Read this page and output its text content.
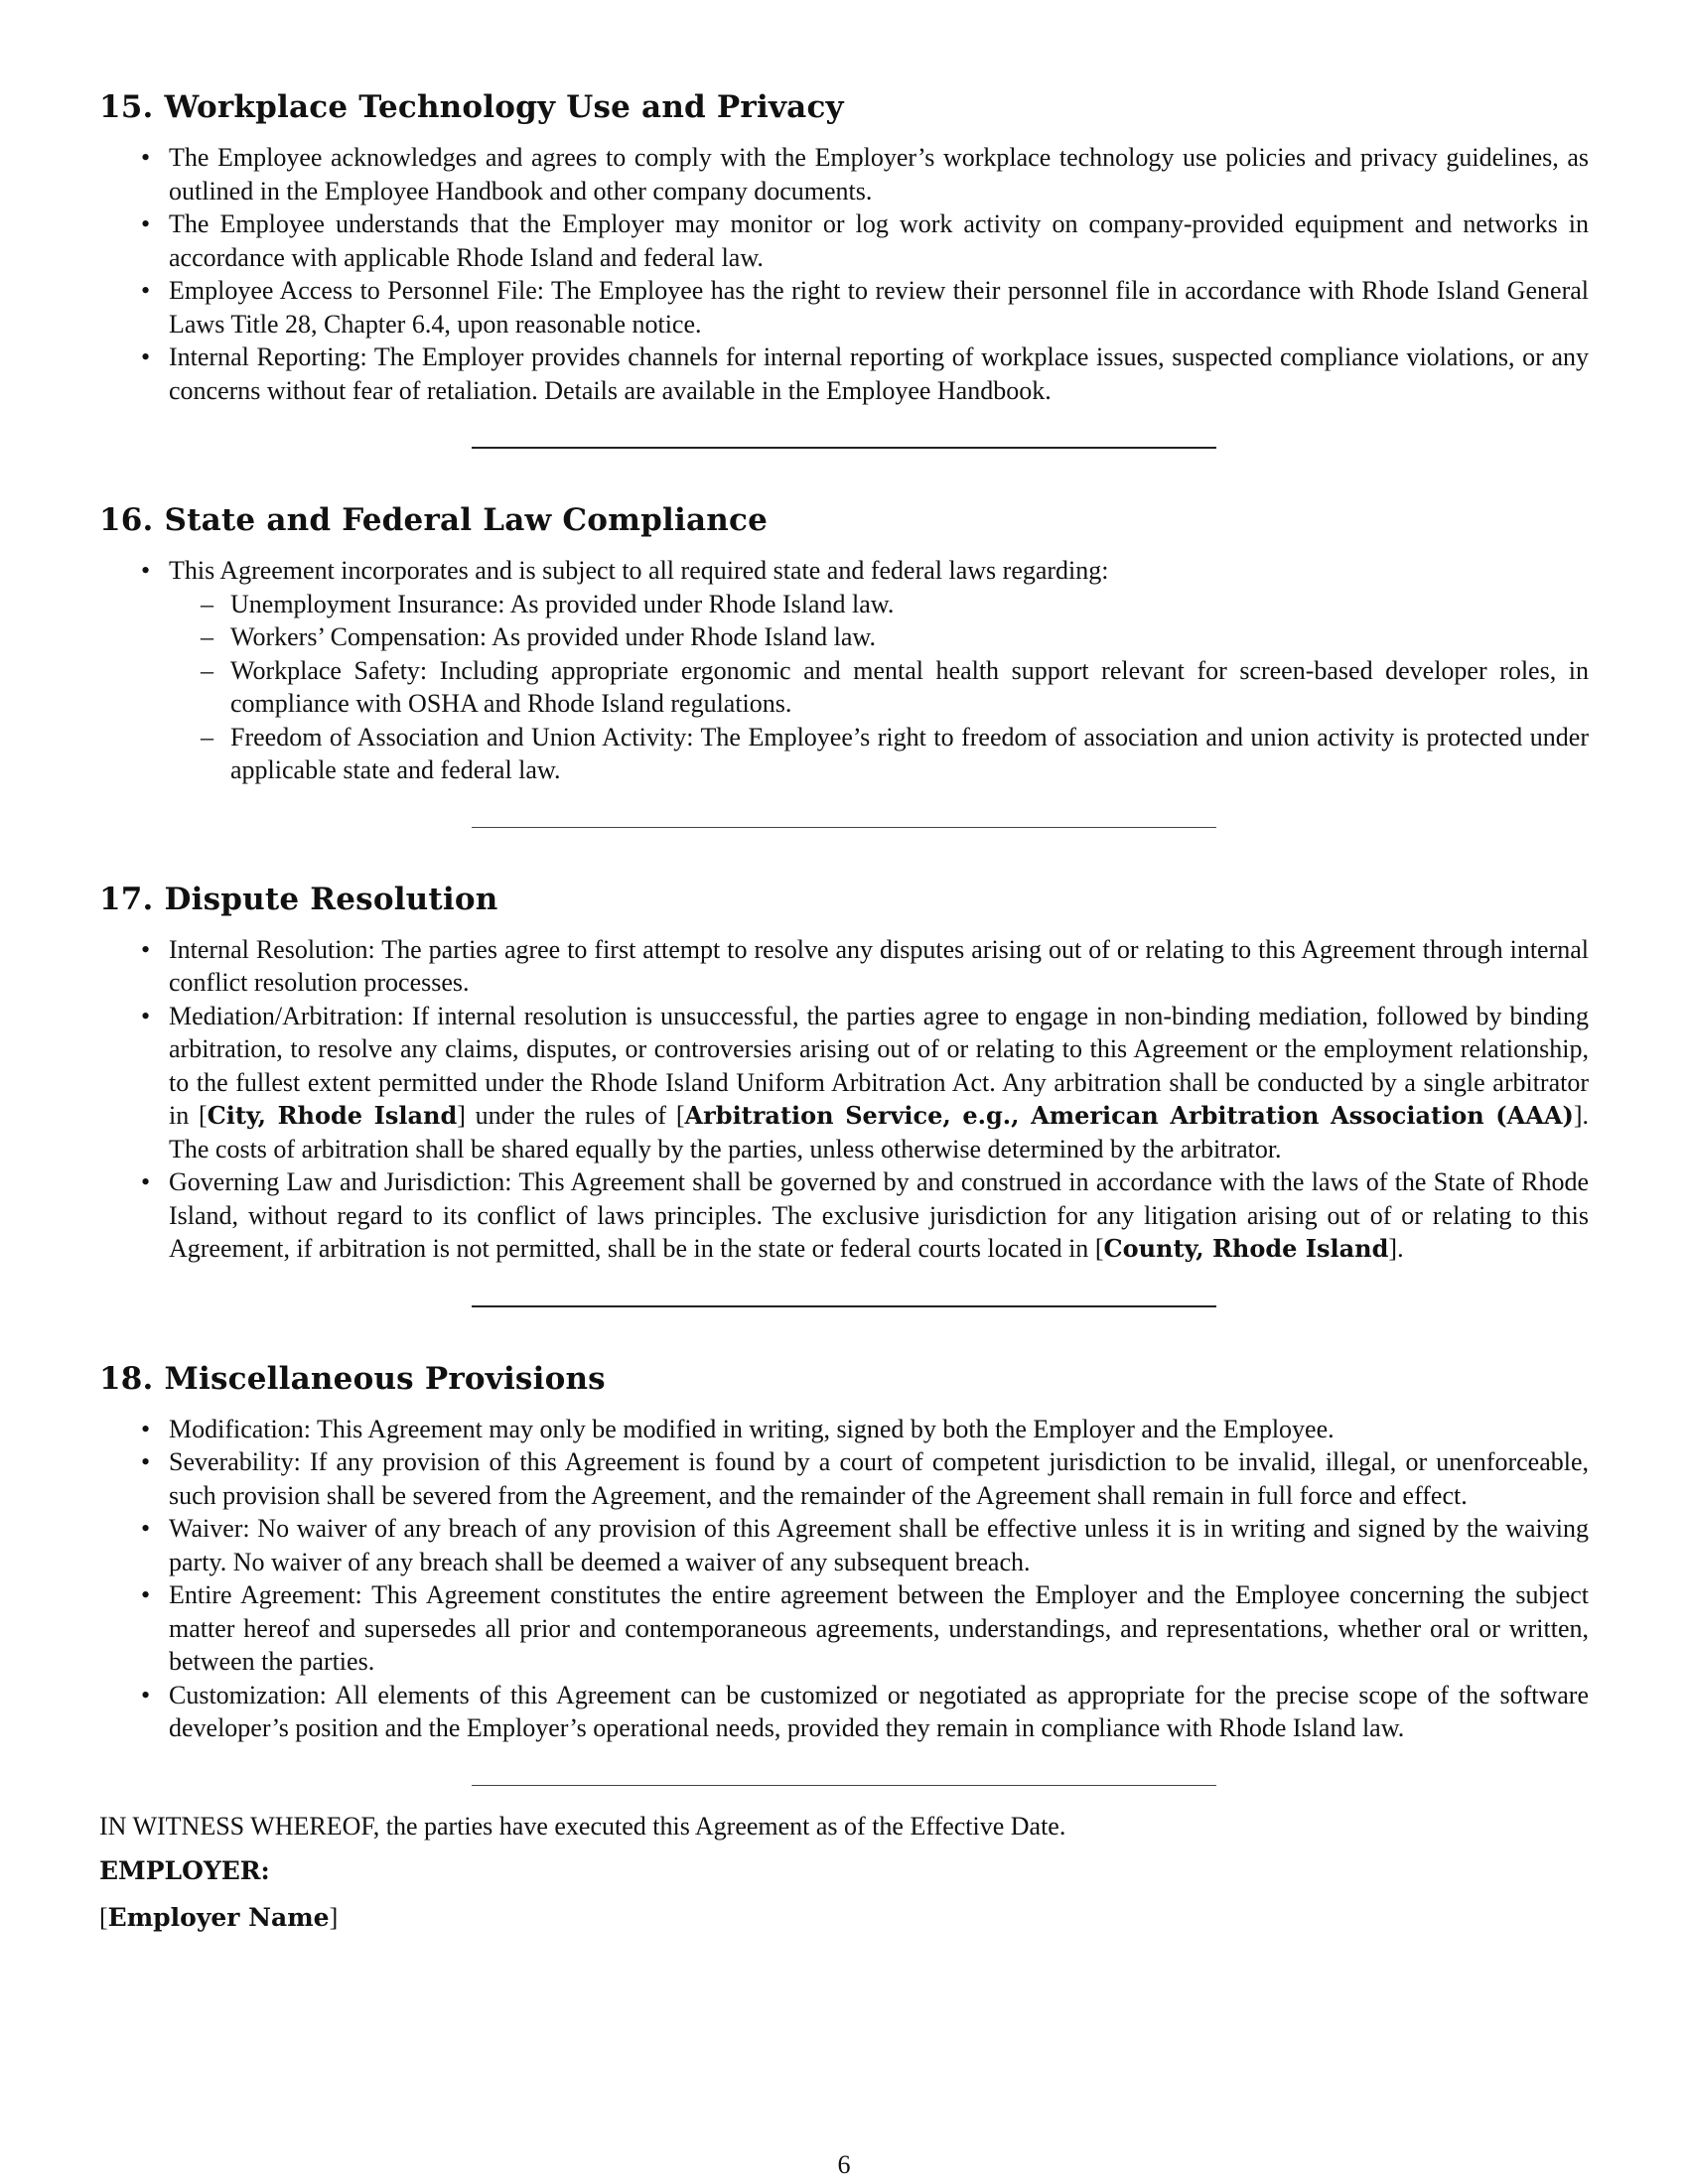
15. Workplace Technology Use and Privacy
• The Employee acknowledges and agrees to comply with the Employer’s workplace technology use policies and privacy guidelines, as outlined in the Employee Handbook and other company documents.
• The Employee understands that the Employer may monitor or log work activity on company-provided equipment and networks in accordance with applicable Rhode Island and federal law.
• Employee Access to Personnel File: The Employee has the right to review their personnel file in accordance with Rhode Island General Laws Title 28, Chapter 6.4, upon reasonable notice.
• Internal Reporting: The Employer provides channels for internal reporting of workplace issues, suspected compliance violations, or any concerns without fear of retaliation. Details are available in the Employee Handbook.
16. State and Federal Law Compliance
• This Agreement incorporates and is subject to all required state and federal laws regarding:
– Unemployment Insurance: As provided under Rhode Island law.
– Workers’ Compensation: As provided under Rhode Island law.
– Workplace Safety: Including appropriate ergonomic and mental health support relevant for screen-based developer roles, in compliance with OSHA and Rhode Island regulations.
– Freedom of Association and Union Activity: The Employee’s right to freedom of association and union activity is protected under applicable state and federal law.
17. Dispute Resolution
• Internal Resolution: The parties agree to first attempt to resolve any disputes arising out of or relating to this Agreement through internal conflict resolution processes.
• Mediation/Arbitration: If internal resolution is unsuccessful, the parties agree to engage in non-binding mediation, followed by binding arbitration, to resolve any claims, disputes, or controversies arising out of or relating to this Agreement or the employment relationship, to the fullest extent permitted under the Rhode Island Uniform Arbitration Act. Any arbitration shall be conducted by a single arbitrator in [City, Rhode Island] under the rules of [Arbitration Service, e.g., American Arbitration Association (AAA)]. The costs of arbitration shall be shared equally by the parties, unless otherwise determined by the arbitrator.
• Governing Law and Jurisdiction: This Agreement shall be governed by and construed in accordance with the laws of the State of Rhode Island, without regard to its conflict of laws principles. The exclusive jurisdiction for any litigation arising out of or relating to this Agreement, if arbitration is not permitted, shall be in the state or federal courts located in [County, Rhode Island].
18. Miscellaneous Provisions
• Modification: This Agreement may only be modified in writing, signed by both the Employer and the Employee.
• Severability: If any provision of this Agreement is found by a court of competent jurisdiction to be invalid, illegal, or unenforceable, such provision shall be severed from the Agreement, and the remainder of the Agreement shall remain in full force and effect.
• Waiver: No waiver of any breach of any provision of this Agreement shall be effective unless it is in writing and signed by the waiving party. No waiver of any breach shall be deemed a waiver of any subsequent breach.
• Entire Agreement: This Agreement constitutes the entire agreement between the Employer and the Employee concerning the subject matter hereof and supersedes all prior and contemporaneous agreements, understandings, and representations, whether oral or written, between the parties.
• Customization: All elements of this Agreement can be customized or negotiated as appropriate for the precise scope of the software developer’s position and the Employer’s operational needs, provided they remain in compliance with Rhode Island law.

IN WITNESS WHEREOF, the parties have executed this Agreement as of the Effective Date.

EMPLOYER:

[Employer Name]

6
